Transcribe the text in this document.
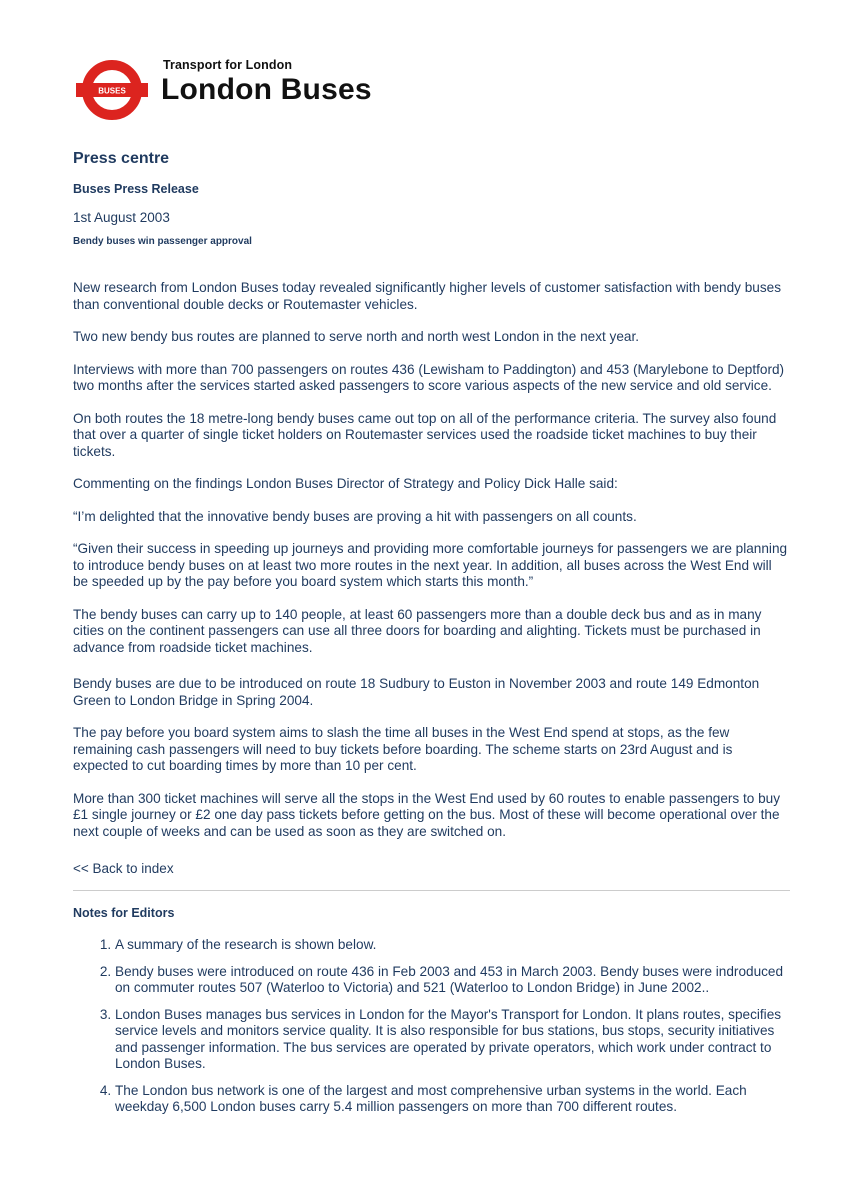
BUSES
Transport for London
London Buses
Press centre
Buses Press Release
1st August 2003
Bendy buses win passenger approval

New research from London Buses today revealed significantly higher levels of customer satisfaction with bendy buses than conventional double decks or Routemaster vehicles.

Two new bendy bus routes are planned to serve north and north west London in the next year.

Interviews with more than 700 passengers on routes 436 (Lewisham to Paddington) and 453 (Marylebone to Deptford) two months after the services started asked passengers to score various aspects of the new service and old service.

On both routes the 18 metre-long bendy buses came out top on all of the performance criteria. The survey also found that over a quarter of single ticket holders on Routemaster services used the roadside ticket machines to buy their tickets.

Commenting on the findings London Buses Director of Strategy and Policy Dick Halle said:

“I’m delighted that the innovative bendy buses are proving a hit with passengers on all counts.

“Given their success in speeding up journeys and providing more comfortable journeys for passengers we are planning to introduce bendy buses on at least two more routes in the next year. In addition, all buses across the West End will be speeded up by the pay before you board system which starts this month.”

The bendy buses can carry up to 140 people, at least 60 passengers more than a double deck bus and as in many cities on the continent passengers can use all three doors for boarding and alighting. Tickets must be purchased in advance from roadside ticket machines.

Bendy buses are due to be introduced on route 18 Sudbury to Euston in November 2003 and route 149 Edmonton Green to London Bridge in Spring 2004.

The pay before you board system aims to slash the time all buses in the West End spend at stops, as the few remaining cash passengers will need to buy tickets before boarding. The scheme starts on 23rd August and is expected to cut boarding times by more than 10 per cent.

More than 300 ticket machines will serve all the stops in the West End used by 60 routes to enable passengers to buy £1 single journey or £2 one day pass tickets before getting on the bus. Most of these will become operational over the next couple of weeks and can be used as soon as they are switched on.

<< Back to index
Notes for Editors
1. A summary of the research is shown below.
2. Bendy buses were introduced on route 436 in Feb 2003 and 453 in March 2003. Bendy buses were indroduced on commuter routes 507 (Waterloo to Victoria) and 521 (Waterloo to London Bridge) in June 2002..
3. London Buses manages bus services in London for the Mayor's Transport for London. It plans routes, specifies service levels and monitors service quality. It is also responsible for bus stations, bus stops, security initiatives and passenger information. The bus services are operated by private operators, which work under contract to London Buses.
4. The London bus network is one of the largest and most comprehensive urban systems in the world. Each weekday 6,500 London buses carry 5.4 million passengers on more than 700 different routes.
